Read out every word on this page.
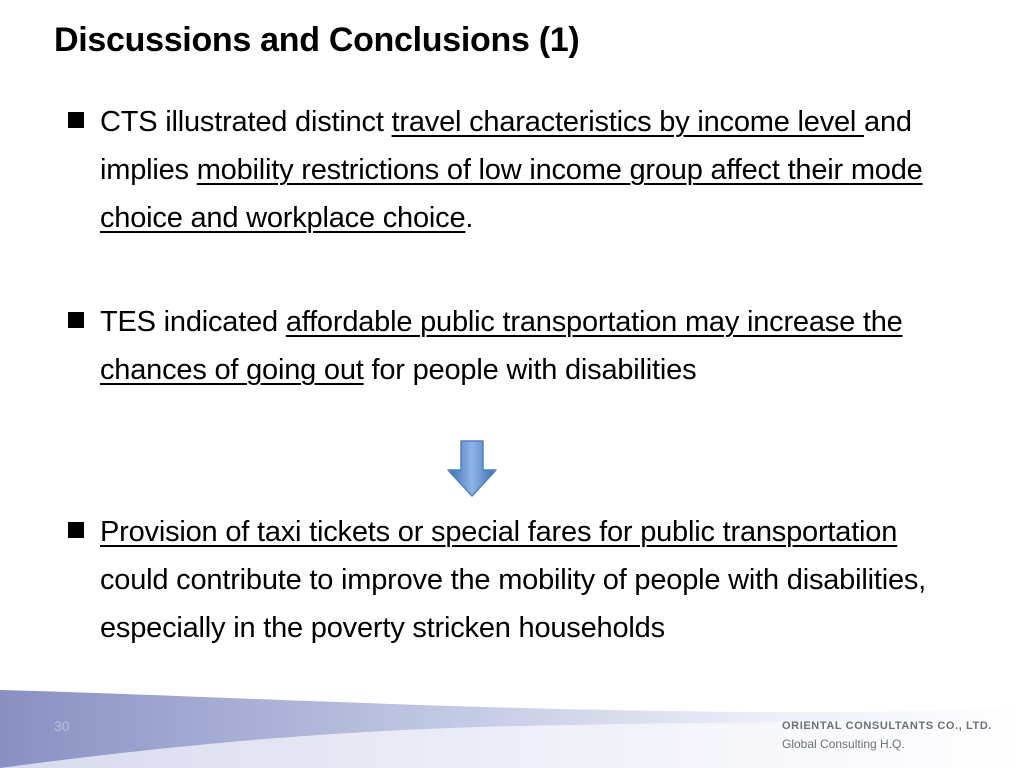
Discussions and Conclusions (1)
CTS illustrated distinct travel characteristics by income level and implies mobility restrictions of low income group affect their mode choice and workplace choice.
TES indicated affordable public transportation may increase the chances of going out for people with disabilities
Provision of taxi tickets or special fares for public transportation could contribute to improve the mobility of people with disabilities, especially in the poverty stricken households
30	ORIENTAL CONSULTANTS CO., LTD.
Global Consulting H.Q.
